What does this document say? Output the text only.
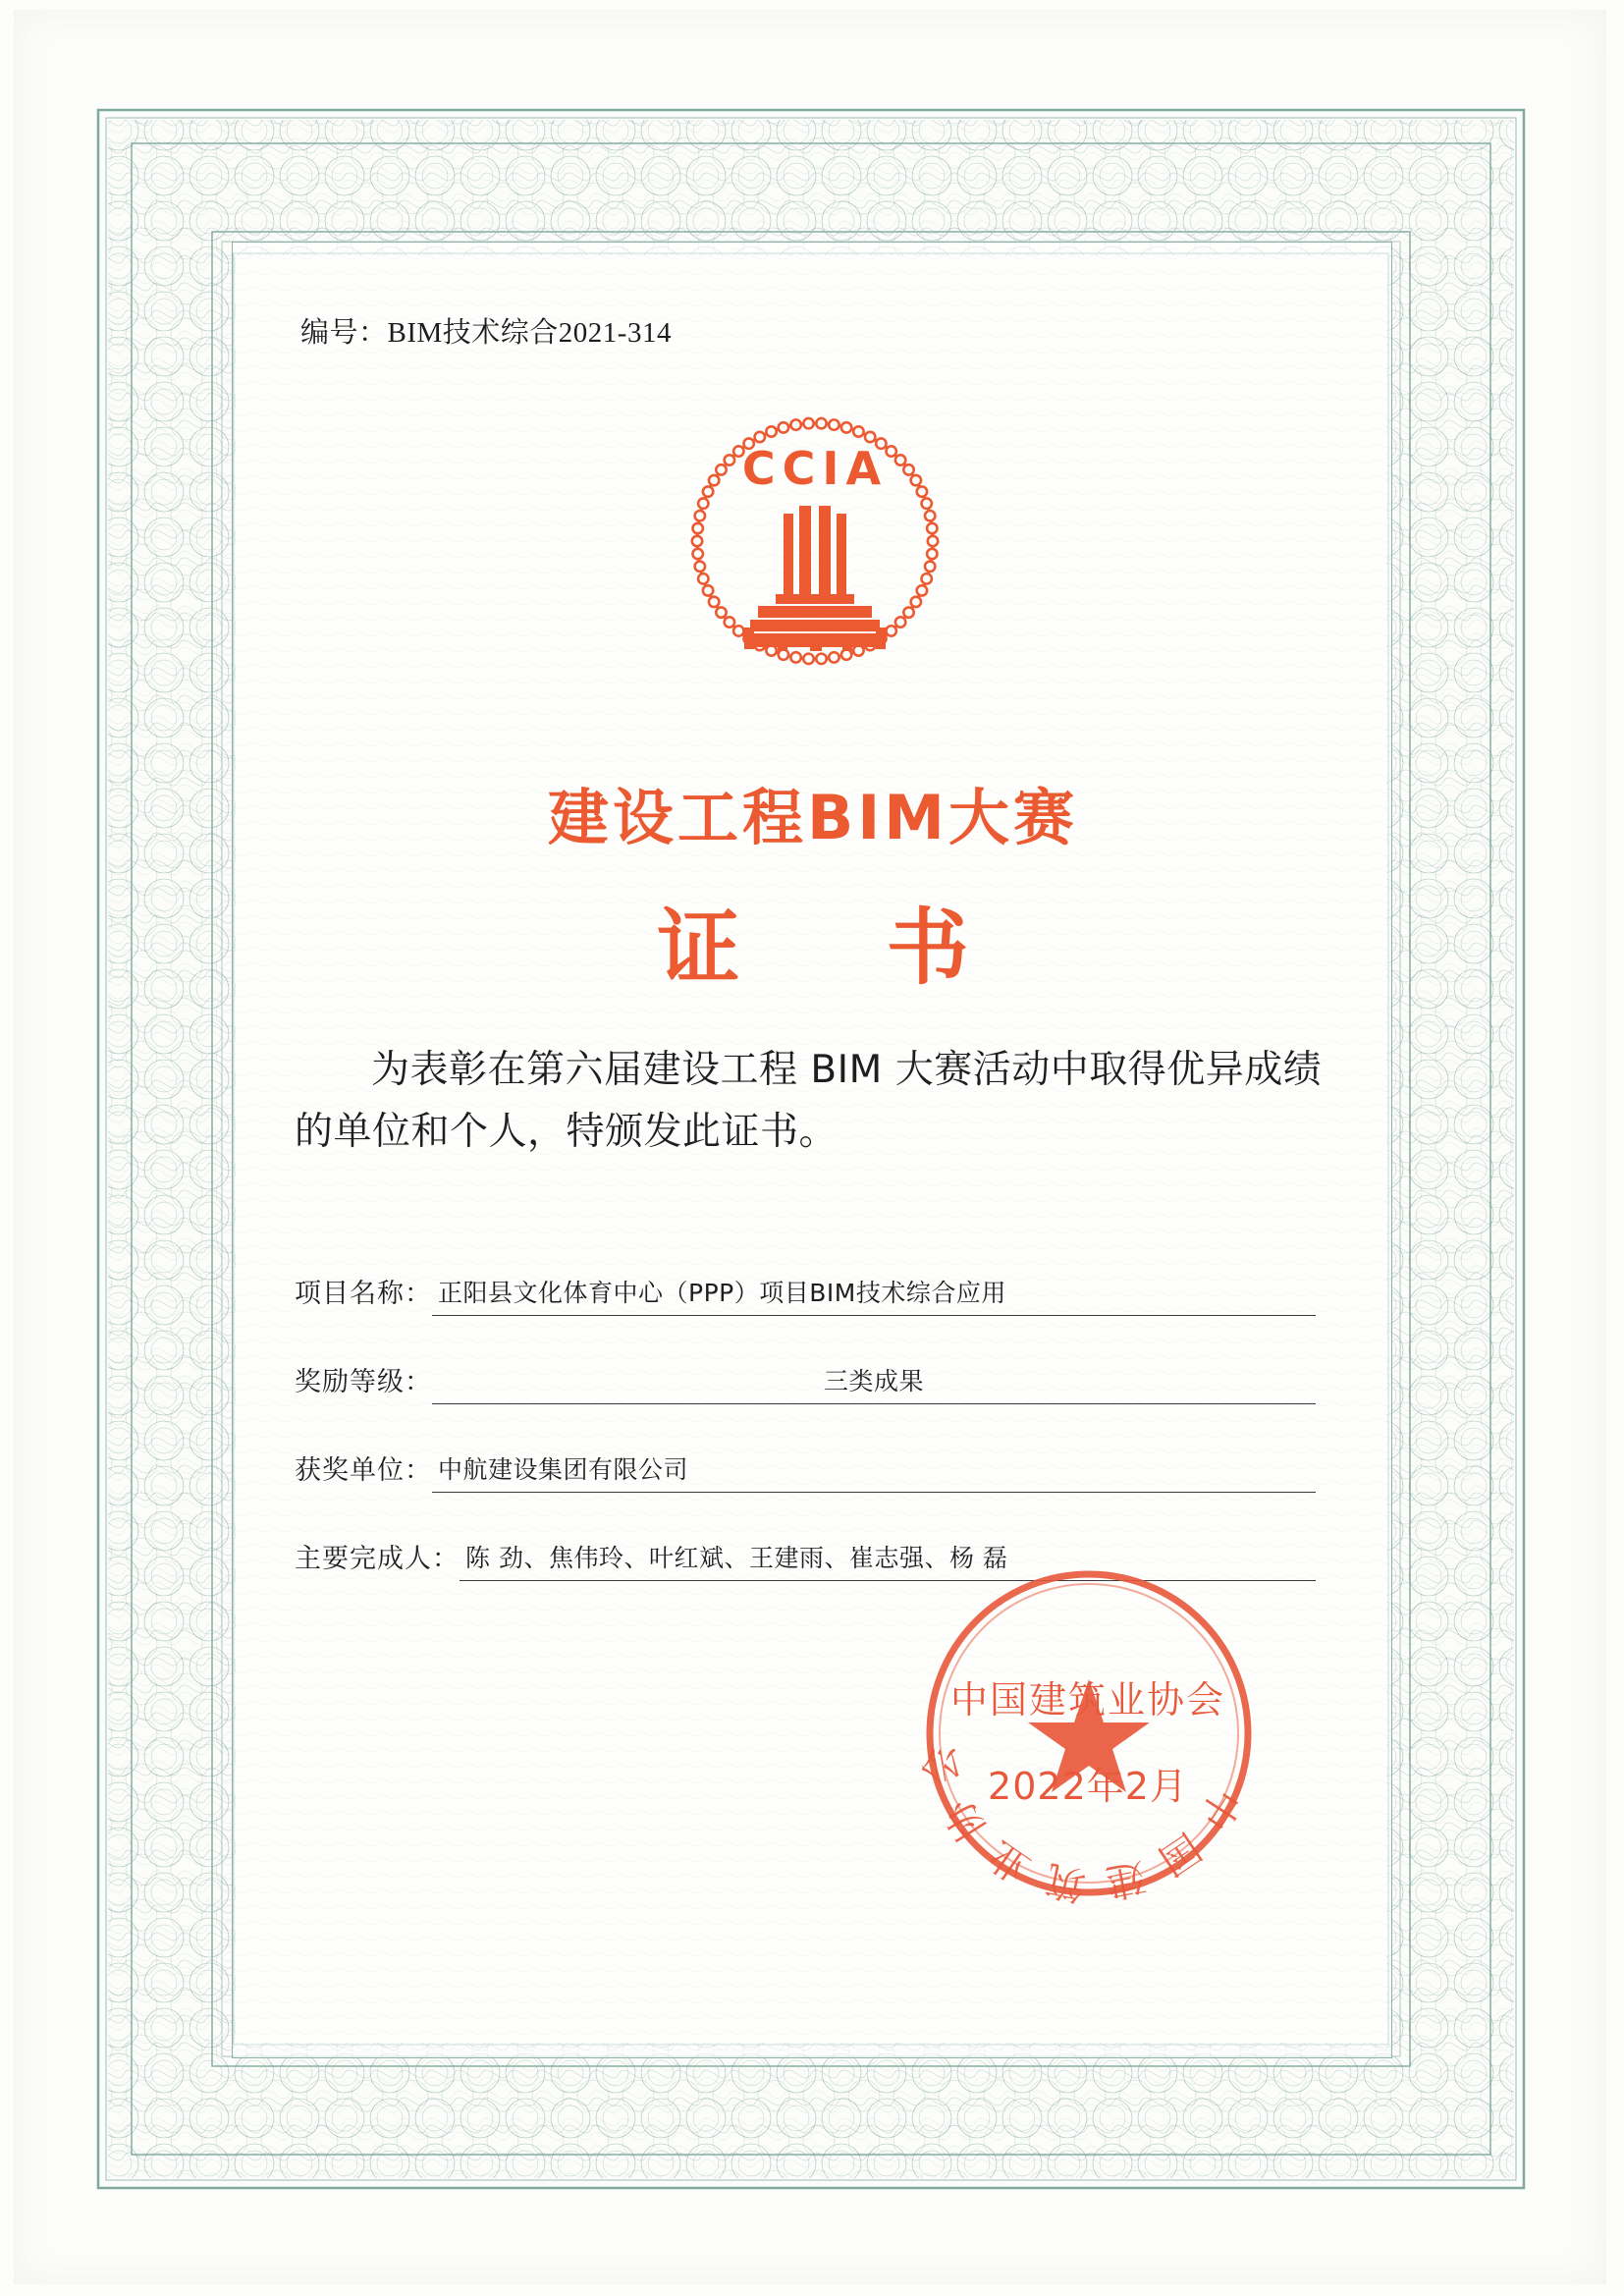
编号：BIM技术综合2021-314
CCIA
建设工程BIM大赛
证 书
为表彰在第六届建设工程 BIM 大赛活动中取得优异成绩的单位和个人，特颁发此证书。
项目名称： 正阳县文化体育中心（PPP）项目BIM技术综合应用
奖励等级：	三类成果
获奖单位： 中航建设集团有限公司
主要完成人： 陈 劲、焦伟玲、叶红斌、王建雨、崔志强、杨 磊
中国建筑业协会
中国建筑业协会
2022年2月
